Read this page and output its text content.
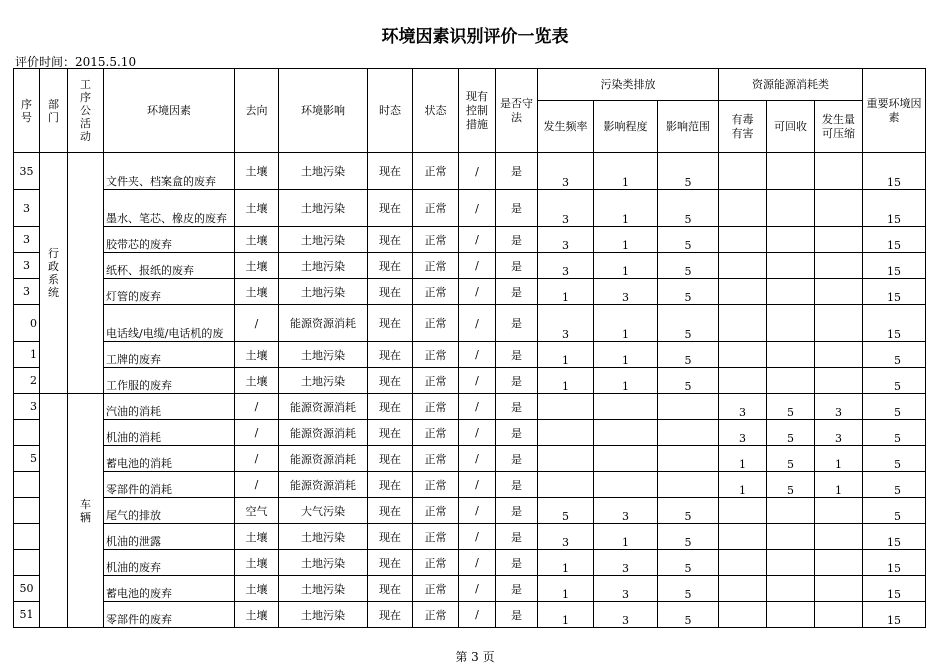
环境因素识别评价一览表
评价时间：2015.5.10
序号	部门	工序公活动	环境因素	去向	环境影响	时态	状态	现有控制措施	是否守法	污染类排放			资源能源消耗类			重要环境因素

										发生频率	影响程度	影响范围	有毒有害	可回收	发生量可压缩	

35	行政系统		文件夹、档案盒的废弃	土壤	土地污染	现在	正常	/	是	3	1	5				15
3			墨水、笔芯、橡皮的废弃	土壤	土地污染	现在	正常	/	是	3	1	5				15
3			胶带芯的废弃	土壤	土地污染	现在	正常	/	是	3	1	5				15
3			纸杯、报纸的废弃	土壤	土地污染	现在	正常	/	是	3	1	5				15
3			灯管的废弃	土壤	土地污染	现在	正常	/	是	1	3	5				15
0			电话线/电缆/电话机的废	/	能源资源消耗	现在	正常	/	是	3	1	5				15
1			工牌的废弃	土壤	土地污染	现在	正常	/	是	1	1	5				5
2			工作服的废弃	土壤	土地污染	现在	正常	/	是	1	1	5				5
3		车辆	汽油的消耗	/	能源资源消耗	现在	正常	/	是				3	5	3	5
			机油的消耗	/	能源资源消耗	现在	正常	/	是				3	5	3	5
5			蓄电池的消耗	/	能源资源消耗	现在	正常	/	是				1	5	1	5
			零部件的消耗	/	能源资源消耗	现在	正常	/	是				1	5	1	5
			尾气的排放	空气	大气污染	现在	正常	/	是	5	3	5				5
			机油的泄露	土壤	土地污染	现在	正常	/	是	3	1	5				15
			机油的废弃	土壤	土地污染	现在	正常	/	是	1	3	5				15
50			蓄电池的废弃	土壤	土地污染	现在	正常	/	是	1	3	5				15
51			零部件的废弃	土壤	土地污染	现在	正常	/	是	1	3	5				15
第 3 页
